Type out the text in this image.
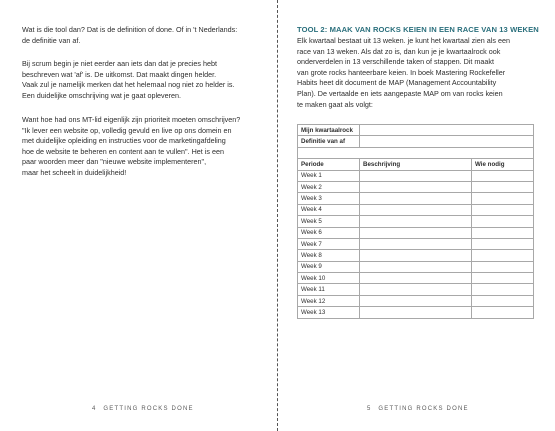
Wat is die tool dan? Dat is de definition of done. Of in 't Nederlands:
de definitie van af.
Bij scrum begin je niet eerder aan iets dan dat je precies hebt
beschreven wat 'af' is. De uitkomst. Dat maakt dingen helder.
Vaak zul je namelijk merken dat het helemaal nog niet zo helder is.
Een duidelijke omschrijving wat je gaat opleveren.
Want hoe had ons MT-lid eigenlijk zijn prioriteit moeten omschrijven?
"Ik lever een website op, volledig gevuld en live op ons domein en
met duidelijke opleiding en instructies voor de marketingafdeling
hoe de website te beheren en content aan te vullen". Het is een
paar woorden meer dan "nieuwe website implementeren",
maar het scheelt in duidelijkheid!
4 GETTING ROCKS DONE

TOOL 2: MAAK VAN ROCKS KEIEN IN EEN RACE VAN 13 WEKEN

Elk kwartaal bestaat uit 13 weken. je kunt het kwartaal zien als een
race van 13 weken. Als dat zo is, dan kun je je kwartaalrock ook
onderverdelen in 13 verschillende taken of stappen. Dit maakt
van grote rocks hanteerbare keien. In boek Mastering Rockefeller
Habits heet dit document de MAP (Management Accountability
Plan). De vertaalde en iets aangepaste MAP om van rocks keien
te maken gaat als volgt:
Mijn kwartaalrock		
Definitie van af		

Periode	Beschrijving	Wie nodig
Week 1		
Week 2		
Week 3		
Week 4		
Week 5		
Week 6		
Week 7		
Week 8		
Week 9		
Week 10		
Week 11		
Week 12		
Week 13		
5 GETTING ROCKS DONE
